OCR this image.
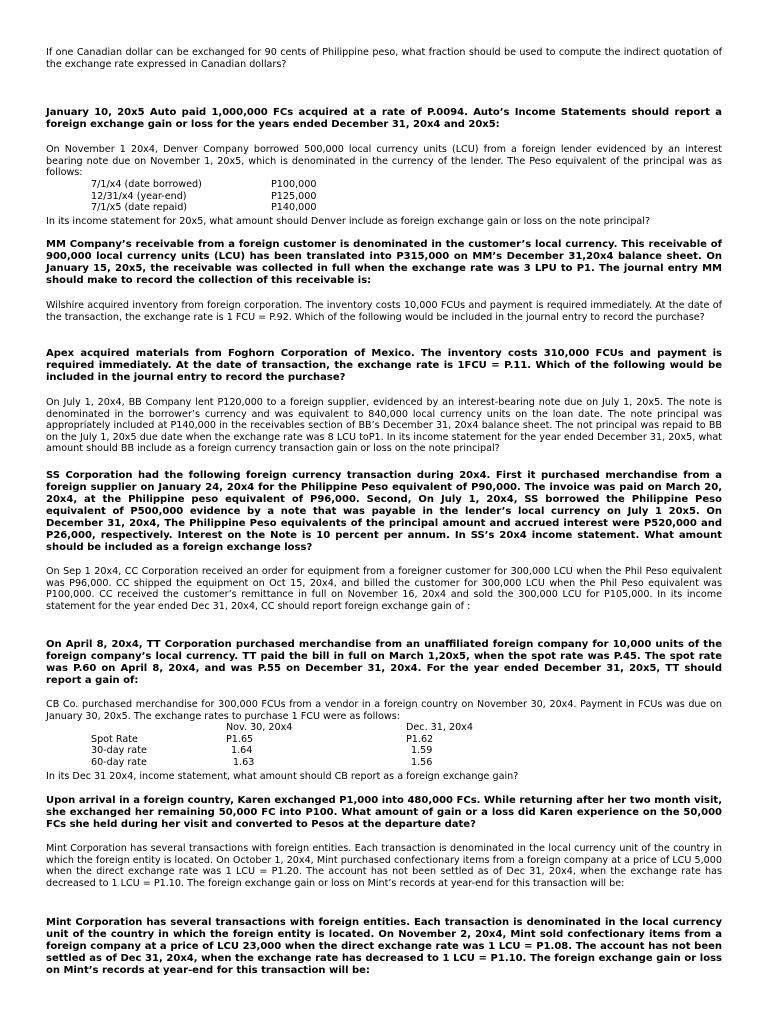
If one Canadian dollar can be exchanged for 90 cents of Philippine peso, what fraction should be used to compute the indirect quotation of the exchange rate expressed in Canadian dollars?

January 10, 20x5 Auto paid 1,000,000 FCs acquired at a rate of P.0094. Auto’s Income Statements should report a foreign exchange gain or loss for the years ended December 31, 20x4 and 20x5:

On November 1 20x4, Denver Company borrowed 500,000 local currency units (LCU) from a foreign lender evidenced by an interest bearing note due on November 1, 20x5, which is denominated in the currency of the lender. The Peso equivalent of the principal was as follows:

7/1/x4 (date borrowed)	P100,000
12/31/x4 (year-end)	P125,000
7/1/x5 (date repaid)	P140,000

In its income statement for 20x5, what amount should Denver include as foreign exchange gain or loss on the note principal?

MM Company’s receivable from a foreign customer is denominated in the customer’s local currency. This receivable of 900,000 local currency units (LCU) has been translated into P315,000 on MM’s December 31,20x4 balance sheet. On January 15, 20x5, the receivable was collected in full when the exchange rate was 3 LPU to P1. The journal entry MM should make to record the collection of this receivable is:

Wilshire acquired inventory from foreign corporation. The inventory costs 10,000 FCUs and payment is required immediately. At the date of the transaction, the exchange rate is 1 FCU = P.92. Which of the following would be included in the journal entry to record the purchase?

Apex acquired materials from Foghorn Corporation of Mexico. The inventory costs 310,000 FCUs and payment is required immediately. At the date of transaction, the exchange rate is 1FCU = P.11. Which of the following would be included in the journal entry to record the purchase?

On July 1, 20x4, BB Company lent P120,000 to a foreign supplier, evidenced by an interest-bearing note due on July 1, 20x5. The note is denominated in the borrower’s currency and was equivalent to 840,000 local currency units on the loan date. The note principal was appropriately included at P140,000 in the receivables section of BB’s December 31, 20x4 balance sheet. The not principal was repaid to BB on the July 1, 20x5 due date when the exchange rate was 8 LCU toP1. In its income statement for the year ended December 31, 20x5, what amount should BB include as a foreign currency transaction gain or loss on the note principal?

SS Corporation had the following foreign currency transaction during 20x4. First it purchased merchandise from a foreign supplier on January 24, 20x4 for the Philippine Peso equivalent of P90,000. The invoice was paid on March 20, 20x4, at the Philippine peso equivalent of P96,000. Second, On July 1, 20x4, SS borrowed the Philippine Peso equivalent of P500,000 evidence by a note that was payable in the lender’s local currency on July 1 20x5. On December 31, 20x4, The Philippine Peso equivalents of the principal amount and accrued interest were P520,000 and P26,000, respectively. Interest on the Note is 10 percent per annum. In SS’s 20x4 income statement. What amount should be included as a foreign exchange loss?

On Sep 1 20x4, CC Corporation received an order for equipment from a foreigner customer for 300,000 LCU when the Phil Peso equivalent was P96,000. CC shipped the equipment on Oct 15, 20x4, and billed the customer for 300,000 LCU when the Phil Peso equivalent was P100,000. CC received the customer’s remittance in full on November 16, 20x4 and sold the 300,000 LCU for P105,000. In its income statement for the year ended Dec 31, 20x4, CC should report foreign exchange gain of :

On April 8, 20x4, TT Corporation purchased merchandise from an unaffiliated foreign company for 10,000 units of the foreign company’s local currency. TT paid the bill in full on March 1,20x5, when the spot rate was P.45. The spot rate was P.60 on April 8, 20x4, and was P.55 on December 31, 20x4. For the year ended December 31, 20x5, TT should report a gain of:

CB Co. purchased merchandise for 300,000 FCUs from a vendor in a foreign country on November 30, 20x4. Payment in FCUs was due on January 30, 20x5. The exchange rates to purchase 1 FCU were as follows:

Nov. 30, 20x4	Dec. 31, 20x4
Spot Rate	P1.65	P1.62
30-day rate	1.64	1.59
60-day rate	1.63	1.56

In its Dec 31 20x4, income statement, what amount should CB report as a foreign exchange gain?

Upon arrival in a foreign country, Karen exchanged P1,000 into 480,000 FCs. While returning after her two month visit, she exchanged her remaining 50,000 FC into P100. What amount of gain or a loss did Karen experience on the 50,000 FCs she held during her visit and converted to Pesos at the departure date?

Mint Corporation has several transactions with foreign entities. Each transaction is denominated in the local currency unit of the country in which the foreign entity is located. On October 1, 20x4, Mint purchased confectionary items from a foreign company at a price of LCU 5,000 when the direct exchange rate was 1 LCU = P1.20. The account has not been settled as of Dec 31, 20x4, when the exchange rate has decreased to 1 LCU = P1.10. The foreign exchange gain or loss on Mint’s records at year-end for this transaction will be:

Mint Corporation has several transactions with foreign entities. Each transaction is denominated in the local currency unit of the country in which the foreign entity is located. On November 2, 20x4, Mint sold confectionary items from a foreign company at a price of LCU 23,000 when the direct exchange rate was 1 LCU = P1.08. The account has not been settled as of Dec 31, 20x4, when the exchange rate has decreased to 1 LCU = P1.10. The foreign exchange gain or loss on Mint’s records at year-end for this transaction will be:
